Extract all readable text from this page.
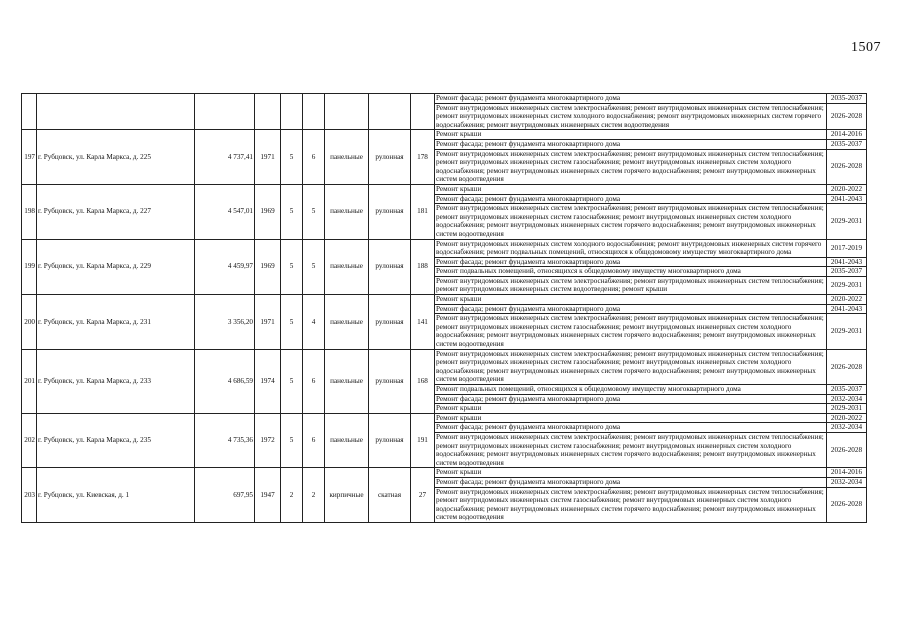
1507
									Ремонт фасада; ремонт фундамента многоквартирного дома	2035-2037
									Ремонт внутридомовых инженерных систем электроснабжения; ремонт внутридомовых инженерных систем теплоснабжения; ремонт внутридомовых инженерных систем холодного водоснабжения; ремонт внутридомовых инженерных систем горячего водоснабжения; ремонт внутридомовых инженерных систем водоотведения	2026-2028
197	г. Рубцовск, ул. Карла Маркса, д. 225	4 737,41	1971	5	6	панельные	рулонная	178	Ремонт крыши	2014-2016
									Ремонт фасада; ремонт фундамента многоквартирного дома	2035-2037
									Ремонт внутридомовых инженерных систем электроснабжения; ремонт внутридомовых инженерных систем теплоснабжения; ремонт внутридомовых инженерных систем газоснабжения; ремонт внутридомовых инженерных систем холодного водоснабжения; ремонт внутридомовых инженерных систем горячего водоснабжения; ремонт внутридомовых инженерных систем водоотведения	2026-2028
198	г. Рубцовск, ул. Карла Маркса, д. 227	4 547,01	1969	5	5	панельные	рулонная	181	Ремонт крыши	2020-2022
									Ремонт фасада; ремонт фундамента многоквартирного дома	2041-2043
									Ремонт внутридомовых инженерных систем электроснабжения; ремонт внутридомовых инженерных систем теплоснабжения; ремонт внутридомовых инженерных систем газоснабжения; ремонт внутридомовых инженерных систем холодного водоснабжения; ремонт внутридомовых инженерных систем горячего водоснабжения; ремонт внутридомовых инженерных систем водоотведения	2029-2031
199	г. Рубцовск, ул. Карла Маркса, д. 229	4 459,97	1969	5	5	панельные	рулонная	188	Ремонт внутридомовых инженерных систем холодного водоснабжения; ремонт внутридомовых инженерных систем горячего водоснабжения; ремонт подвальных помещений, относящихся к общедомовому имуществу многоквартирного дома	2017-2019
									Ремонт фасада; ремонт фундамента многоквартирного дома	2041-2043
									Ремонт подвальных помещений, относящихся к общедомовому имуществу многоквартирного дома	2035-2037
									Ремонт внутридомовых инженерных систем электроснабжения; ремонт внутридомовых инженерных систем теплоснабжения; ремонт внутридомовых инженерных систем водоотведения; ремонт крыши	2029-2031
200	г. Рубцовск, ул. Карла Маркса, д. 231	3 356,20	1971	5	4	панельные	рулонная	141	Ремонт крыши	2020-2022
									Ремонт фасада; ремонт фундамента многоквартирного дома	2041-2043
									Ремонт внутридомовых инженерных систем электроснабжения; ремонт внутридомовых инженерных систем теплоснабжения; ремонт внутридомовых инженерных систем газоснабжения; ремонт внутридомовых инженерных систем холодного водоснабжения; ремонт внутридомовых инженерных систем горячего водоснабжения; ремонт внутридомовых инженерных систем водоотведения	2029-2031
201	г. Рубцовск, ул. Карла Маркса, д. 233	4 686,59	1974	5	6	панельные	рулонная	168	Ремонт внутридомовых инженерных систем электроснабжения; ремонт внутридомовых инженерных систем теплоснабжения; ремонт внутридомовых инженерных систем газоснабжения; ремонт внутридомовых инженерных систем холодного водоснабжения; ремонт внутридомовых инженерных систем горячего водоснабжения; ремонт внутридомовых инженерных систем водоотведения	2026-2028
									Ремонт подвальных помещений, относящихся к общедомовому имуществу многоквартирного дома	2035-2037
									Ремонт фасада; ремонт фундамента многоквартирного дома	2032-2034
									Ремонт крыши	2029-2031
202	г. Рубцовск, ул. Карла Маркса, д. 235	4 735,36	1972	5	6	панельные	рулонная	191	Ремонт крыши	2020-2022
									Ремонт фасада; ремонт фундамента многоквартирного дома	2032-2034
									Ремонт внутридомовых инженерных систем электроснабжения; ремонт внутридомовых инженерных систем теплоснабжения; ремонт внутридомовых инженерных систем газоснабжения; ремонт внутридомовых инженерных систем холодного водоснабжения; ремонт внутридомовых инженерных систем горячего водоснабжения; ремонт внутридомовых инженерных систем водоотведения	2026-2028
203	г. Рубцовск, ул. Киевская, д. 1	697,95	1947	2	2	кирпичные	скатная	27	Ремонт крыши	2014-2016
									Ремонт фасада; ремонт фундамента многоквартирного дома	2032-2034
									Ремонт внутридомовых инженерных систем электроснабжения; ремонт внутридомовых инженерных систем теплоснабжения; ремонт внутридомовых инженерных систем газоснабжения; ремонт внутридомовых инженерных систем холодного водоснабжения; ремонт внутридомовых инженерных систем горячего водоснабжения; ремонт внутридомовых инженерных систем водоотведения	2026-2028
